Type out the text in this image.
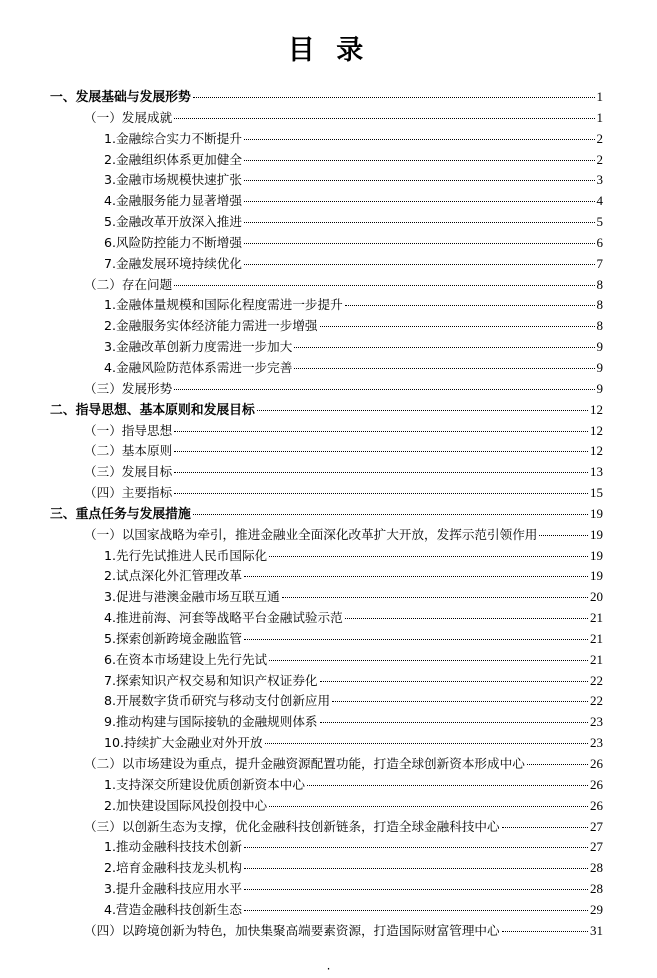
目 录
一、发展基础与发展形势	1
（一）发展成就	1
1.金融综合实力不断提升	2
2.金融组织体系更加健全	2
3.金融市场规模快速扩张	3
4.金融服务能力显著增强	4
5.金融改革开放深入推进	5
6.风险防控能力不断增强	6
7.金融发展环境持续优化	7
（二）存在问题	8
1.金融体量规模和国际化程度需进一步提升	8
2.金融服务实体经济能力需进一步增强	8
3.金融改革创新力度需进一步加大	9
4.金融风险防范体系需进一步完善	9
（三）发展形势	9
二、指导思想、基本原则和发展目标	12
（一）指导思想	12
（二）基本原则	12
（三）发展目标	13
（四）主要指标	15
三、重点任务与发展措施	19
（一）以国家战略为牵引，推进金融业全面深化改革扩大开放，发挥示范引领作用	19
1.先行先试推进人民币国际化	19
2.试点深化外汇管理改革	19
3.促进与港澳金融市场互联互通	20
4.推进前海、河套等战略平台金融试验示范	21
5.探索创新跨境金融监管	21
6.在资本市场建设上先行先试	21
7.探索知识产权交易和知识产权证券化	22
8.开展数字货币研究与移动支付创新应用	22
9.推动构建与国际接轨的金融规则体系	23
10.持续扩大金融业对外开放	23
（二）以市场建设为重点，提升金融资源配置功能，打造全球创新资本形成中心	26
1.支持深交所建设优质创新资本中心	26
2.加快建设国际风投创投中心	26
（三）以创新生态为支撑，优化金融科技创新链条，打造全球金融科技中心	27
1.推动金融科技技术创新	27
2.培育金融科技龙头机构	28
3.提升金融科技应用水平	28
4.营造金融科技创新生态	29
（四）以跨境创新为特色，加快集聚高端要素资源，打造国际财富管理中心	31
·
